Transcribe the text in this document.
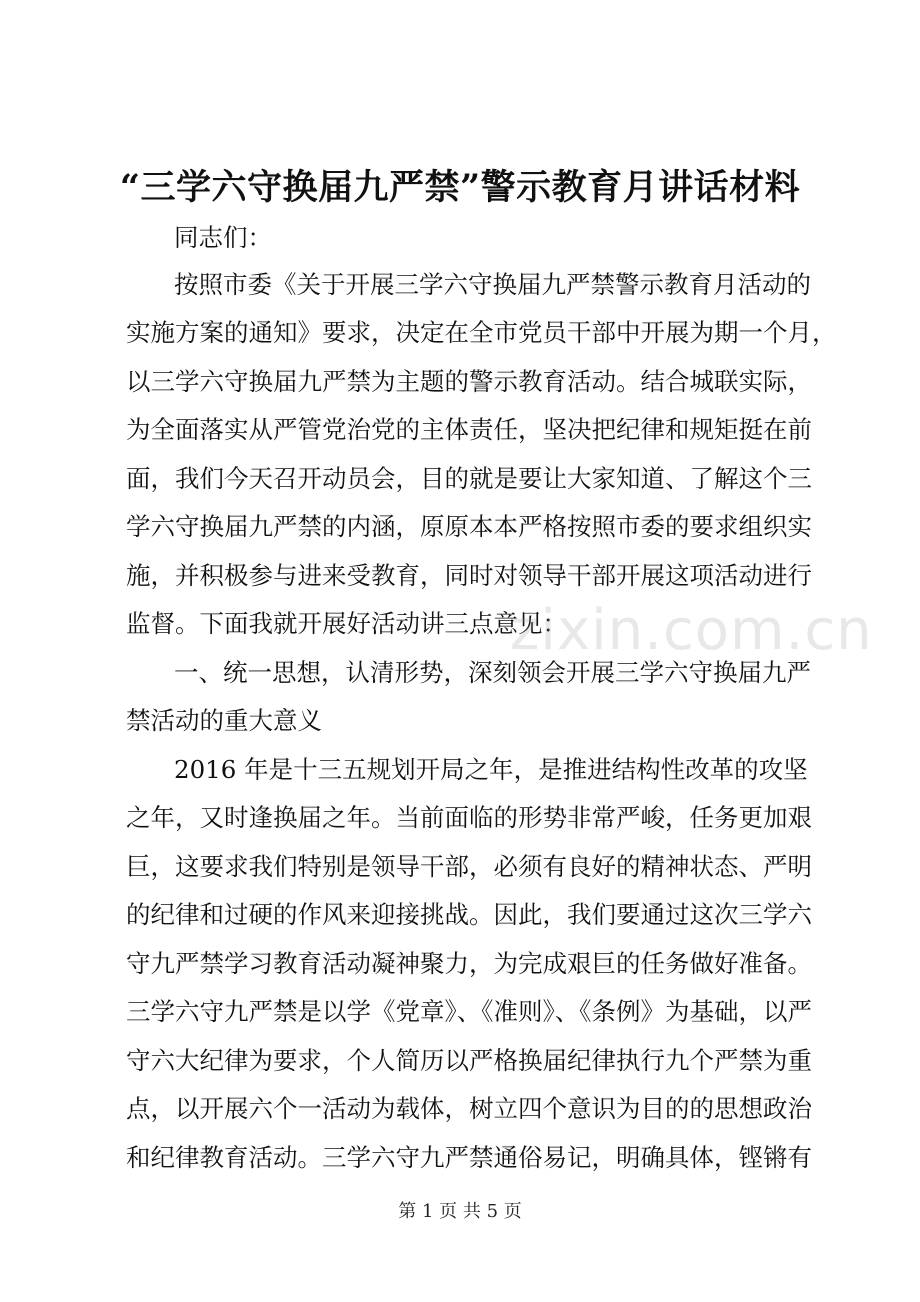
“三学六守换届九严禁”警示教育月讲话材料
同志们：
按照市委《关于开展三学六守换届九严禁警示教育月活动的
实施方案的通知》要求，决定在全市党员干部中开展为期一个月，
以三学六守换届九严禁为主题的警示教育活动。结合城联实际，
为全面落实从严管党治党的主体责任，坚决把纪律和规矩挺在前
面，我们今天召开动员会，目的就是要让大家知道、了解这个三
学六守换届九严禁的内涵，原原本本严格按照市委的要求组织实
施，并积极参与进来受教育，同时对领导干部开展这项活动进行
监督。下面我就开展好活动讲三点意见：
一、统一思想，认清形势，深刻领会开展三学六守换届九严
禁活动的重大意义
2016 年是十三五规划开局之年，是推进结构性改革的攻坚
之年，又时逢换届之年。当前面临的形势非常严峻，任务更加艰
巨，这要求我们特别是领导干部，必须有良好的精神状态、严明
的纪律和过硬的作风来迎接挑战。因此，我们要通过这次三学六
守九严禁学习教育活动凝神聚力，为完成艰巨的任务做好准备。
三学六守九严禁是以学《党章》、《准则》、《条例》为基础，以严
守六大纪律为要求，个人简历以严格换届纪律执行九个严禁为重
点，以开展六个一活动为载体，树立四个意识为目的的思想政治
和纪律教育活动。三学六守九严禁通俗易记，明确具体，铿锵有
zixin.com.cn
第 1 页 共 5 页
